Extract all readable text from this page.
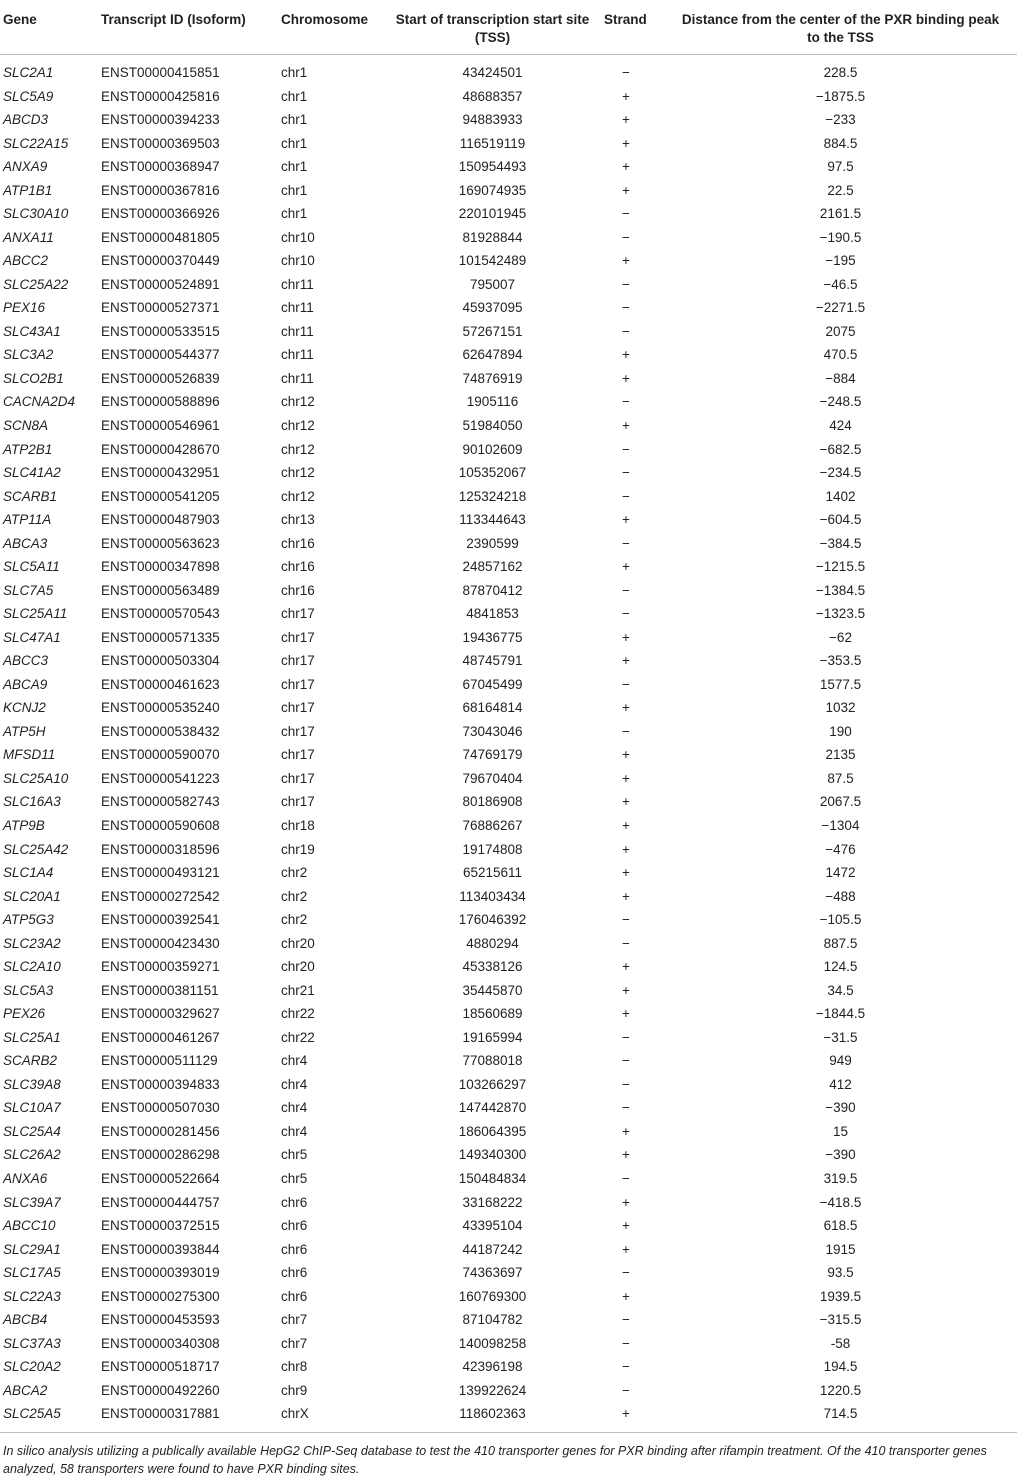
Gene	Transcript ID (Isoform)	Chromosome	Start of transcription start site (TSS)	Strand	Distance from the center of the PXR binding peak to the TSS
SLC2A1	ENST00000415851	chr1	43424501	−	228.5
SLC5A9	ENST00000425816	chr1	48688357	+	−1875.5
ABCD3	ENST00000394233	chr1	94883933	+	−233
SLC22A15	ENST00000369503	chr1	116519119	+	884.5
ANXA9	ENST00000368947	chr1	150954493	+	97.5
ATP1B1	ENST00000367816	chr1	169074935	+	22.5
SLC30A10	ENST00000366926	chr1	220101945	−	2161.5
ANXA11	ENST00000481805	chr10	81928844	−	−190.5
ABCC2	ENST00000370449	chr10	101542489	+	−195
SLC25A22	ENST00000524891	chr11	795007	−	−46.5
PEX16	ENST00000527371	chr11	45937095	−	−2271.5
SLC43A1	ENST00000533515	chr11	57267151	−	2075
SLC3A2	ENST00000544377	chr11	62647894	+	470.5
SLCO2B1	ENST00000526839	chr11	74876919	+	−884
CACNA2D4	ENST00000588896	chr12	1905116	−	−248.5
SCN8A	ENST00000546961	chr12	51984050	+	424
ATP2B1	ENST00000428670	chr12	90102609	−	−682.5
SLC41A2	ENST00000432951	chr12	105352067	−	−234.5
SCARB1	ENST00000541205	chr12	125324218	−	1402
ATP11A	ENST00000487903	chr13	113344643	+	−604.5
ABCA3	ENST00000563623	chr16	2390599	−	−384.5
SLC5A11	ENST00000347898	chr16	24857162	+	−1215.5
SLC7A5	ENST00000563489	chr16	87870412	−	−1384.5
SLC25A11	ENST00000570543	chr17	4841853	−	−1323.5
SLC47A1	ENST00000571335	chr17	19436775	+	−62
ABCC3	ENST00000503304	chr17	48745791	+	−353.5
ABCA9	ENST00000461623	chr17	67045499	−	1577.5
KCNJ2	ENST00000535240	chr17	68164814	+	1032
ATP5H	ENST00000538432	chr17	73043046	−	190
MFSD11	ENST00000590070	chr17	74769179	+	2135
SLC25A10	ENST00000541223	chr17	79670404	+	87.5
SLC16A3	ENST00000582743	chr17	80186908	+	2067.5
ATP9B	ENST00000590608	chr18	76886267	+	−1304
SLC25A42	ENST00000318596	chr19	19174808	+	−476
SLC1A4	ENST00000493121	chr2	65215611	+	1472
SLC20A1	ENST00000272542	chr2	113403434	+	−488
ATP5G3	ENST00000392541	chr2	176046392	−	−105.5
SLC23A2	ENST00000423430	chr20	4880294	−	887.5
SLC2A10	ENST00000359271	chr20	45338126	+	124.5
SLC5A3	ENST00000381151	chr21	35445870	+	34.5
PEX26	ENST00000329627	chr22	18560689	+	−1844.5
SLC25A1	ENST00000461267	chr22	19165994	−	−31.5
SCARB2	ENST00000511129	chr4	77088018	−	949
SLC39A8	ENST00000394833	chr4	103266297	−	412
SLC10A7	ENST00000507030	chr4	147442870	−	−390
SLC25A4	ENST00000281456	chr4	186064395	+	15
SLC26A2	ENST00000286298	chr5	149340300	+	−390
ANXA6	ENST00000522664	chr5	150484834	−	319.5
SLC39A7	ENST00000444757	chr6	33168222	+	−418.5
ABCC10	ENST00000372515	chr6	43395104	+	618.5
SLC29A1	ENST00000393844	chr6	44187242	+	1915
SLC17A5	ENST00000393019	chr6	74363697	−	93.5
SLC22A3	ENST00000275300	chr6	160769300	+	1939.5
ABCB4	ENST00000453593	chr7	87104782	−	−315.5
SLC37A3	ENST00000340308	chr7	140098258	−	-58
SLC20A2	ENST00000518717	chr8	42396198	−	194.5
ABCA2	ENST00000492260	chr9	139922624	−	1220.5
SLC25A5	ENST00000317881	chrX	118602363	+	714.5
In silico analysis utilizing a publically available HepG2 ChIP-Seq database to test the 410 transporter genes for PXR binding after rifampin treatment. Of the 410 transporter genes analyzed, 58 transporters were found to have PXR binding sites.
